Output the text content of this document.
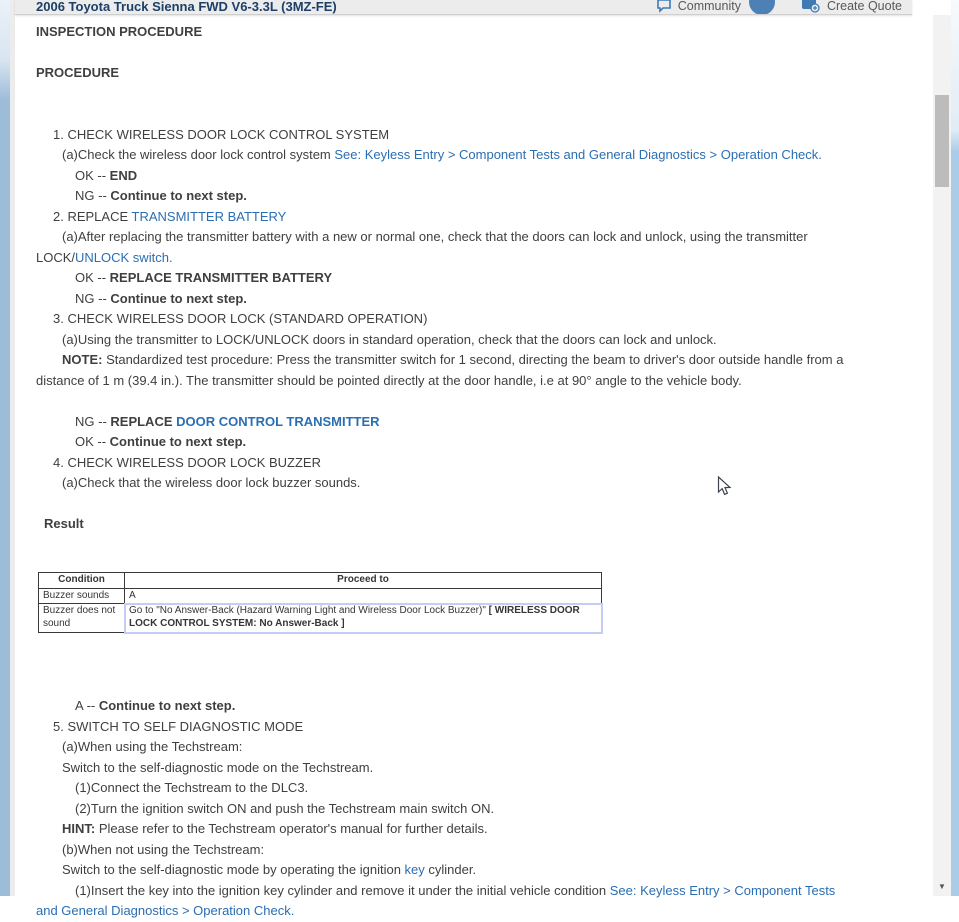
2006 Toyota Truck Sienna FWD V6-3.3L (3MZ-FE)	Community	Create Quote
INSPECTION PROCEDURE
PROCEDURE
1. CHECK WIRELESS DOOR LOCK CONTROL SYSTEM
(a)Check the wireless door lock control system See: Keyless Entry > Component Tests and General Diagnostics > Operation Check.
OK -- END
NG -- Continue to next step.
2. REPLACE TRANSMITTER BATTERY
(a)After replacing the transmitter battery with a new or normal one, check that the doors can lock and unlock, using the transmitter
LOCK/UNLOCK switch.
OK -- REPLACE TRANSMITTER BATTERY
NG -- Continue to next step.
3. CHECK WIRELESS DOOR LOCK (STANDARD OPERATION)
(a)Using the transmitter to LOCK/UNLOCK doors in standard operation, check that the doors can lock and unlock.
NOTE: Standardized test procedure: Press the transmitter switch for 1 second, directing the beam to driver's door outside handle from a
distance of 1 m (39.4 in.). The transmitter should be pointed directly at the door handle, i.e at 90° angle to the vehicle body.
NG -- REPLACE DOOR CONTROL TRANSMITTER
OK -- Continue to next step.
4. CHECK WIRELESS DOOR LOCK BUZZER
(a)Check that the wireless door lock buzzer sounds.
Result
Condition	Proceed to
Buzzer sounds	A
Buzzer does not sound	Go to "No Answer-Back (Hazard Warning Light and Wireless Door Lock Buzzer)" [ WIRELESS DOOR LOCK CONTROL SYSTEM: No Answer-Back ]
A -- Continue to next step.
5. SWITCH TO SELF DIAGNOSTIC MODE
(a)When using the Techstream:
Switch to the self-diagnostic mode on the Techstream.
(1)Connect the Techstream to the DLC3.
(2)Turn the ignition switch ON and push the Techstream main switch ON.
HINT: Please refer to the Techstream operator's manual for further details.
(b)When not using the Techstream:
Switch to the self-diagnostic mode by operating the ignition key cylinder.
(1)Insert the key into the ignition key cylinder and remove it under the initial vehicle condition See: Keyless Entry > Component Tests
and General Diagnostics > Operation Check.
▼
